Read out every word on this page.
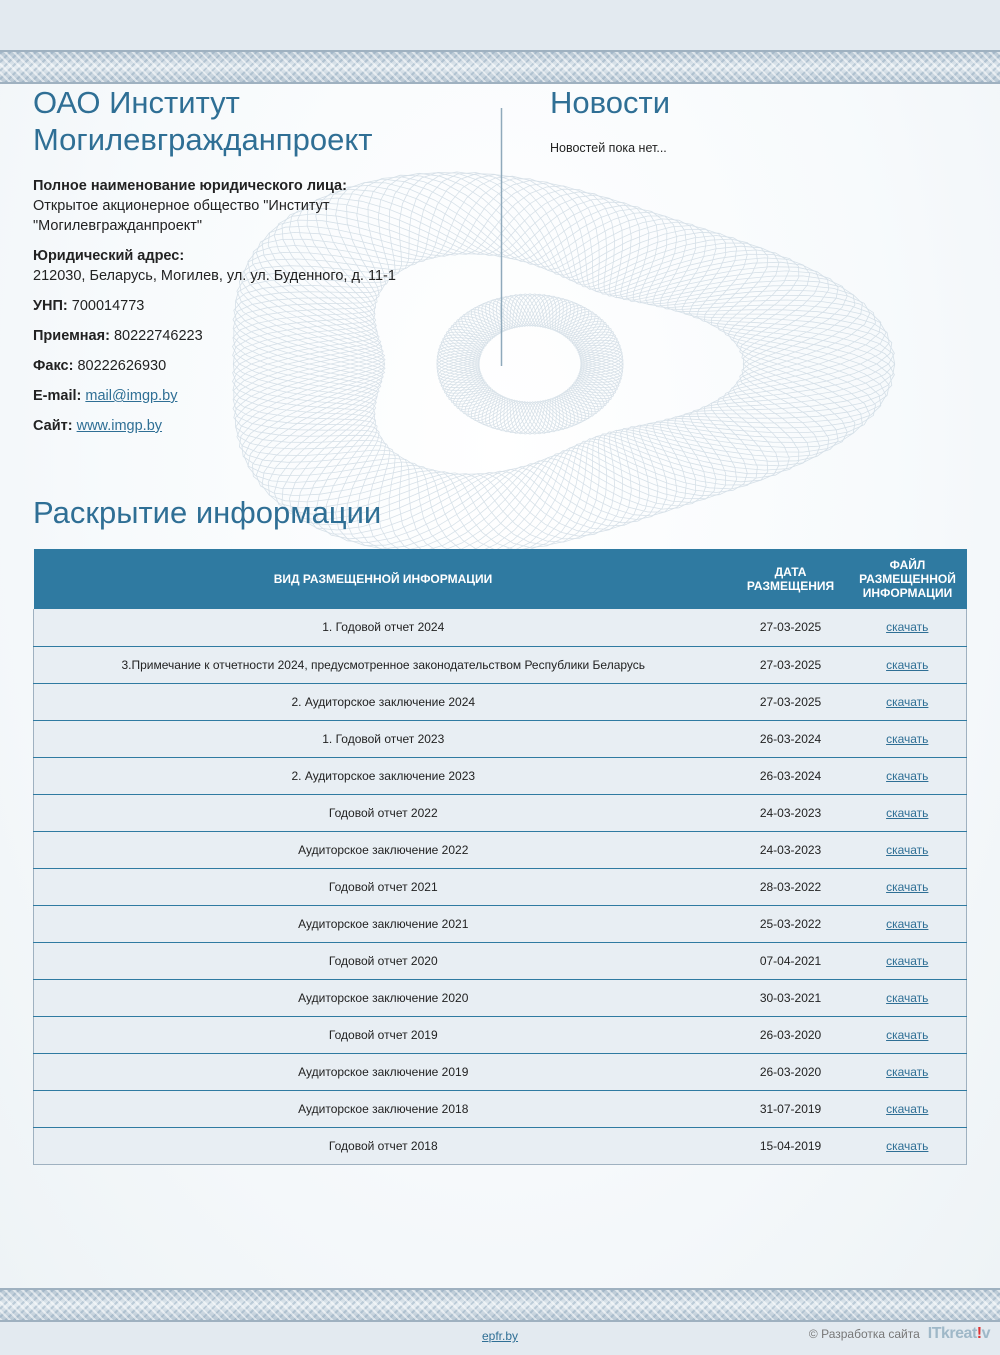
ОАО Институт Могилевгражданпроект
Полное наименование юридического лица:
Открытое акционерное общество "Институт "Могилевгражданпроект"
Юридический адрес:
212030, Беларусь, Могилев, ул. ул. Буденного, д. 11-1
УНП: 700014773
Приемная: 80222746223
Факс: 80222626930
E-mail: mail@imgp.by
Сайт: www.imgp.by
Новости
Новостей пока нет...
Раскрытие информации
ВИД РАЗМЕЩЕННОЙ ИНФОРМАЦИИ	ДАТА РАЗМЕЩЕНИЯ	ФАЙЛ РАЗМЕЩЕННОЙ ИНФОРМАЦИИ
1. Годовой отчет 2024	27-03-2025	скачать
3.Примечание к отчетности 2024, предусмотренное законодательством Республики Беларусь	27-03-2025	скачать
2. Аудиторское заключение 2024	27-03-2025	скачать
1. Годовой отчет 2023	26-03-2024	скачать
2. Аудиторское заключение 2023	26-03-2024	скачать
Годовой отчет 2022	24-03-2023	скачать
Аудиторское заключение 2022	24-03-2023	скачать
Годовой отчет 2021	28-03-2022	скачать
Аудиторское заключение 2021	25-03-2022	скачать
Годовой отчет 2020	07-04-2021	скачать
Аудиторское заключение 2020	30-03-2021	скачать
Годовой отчет 2019	26-03-2020	скачать
Аудиторское заключение 2019	26-03-2020	скачать
Аудиторское заключение 2018	31-07-2019	скачать
Годовой отчет 2018	15-04-2019	скачать
epfr.by	© Разработка сайта ITkreat!v
